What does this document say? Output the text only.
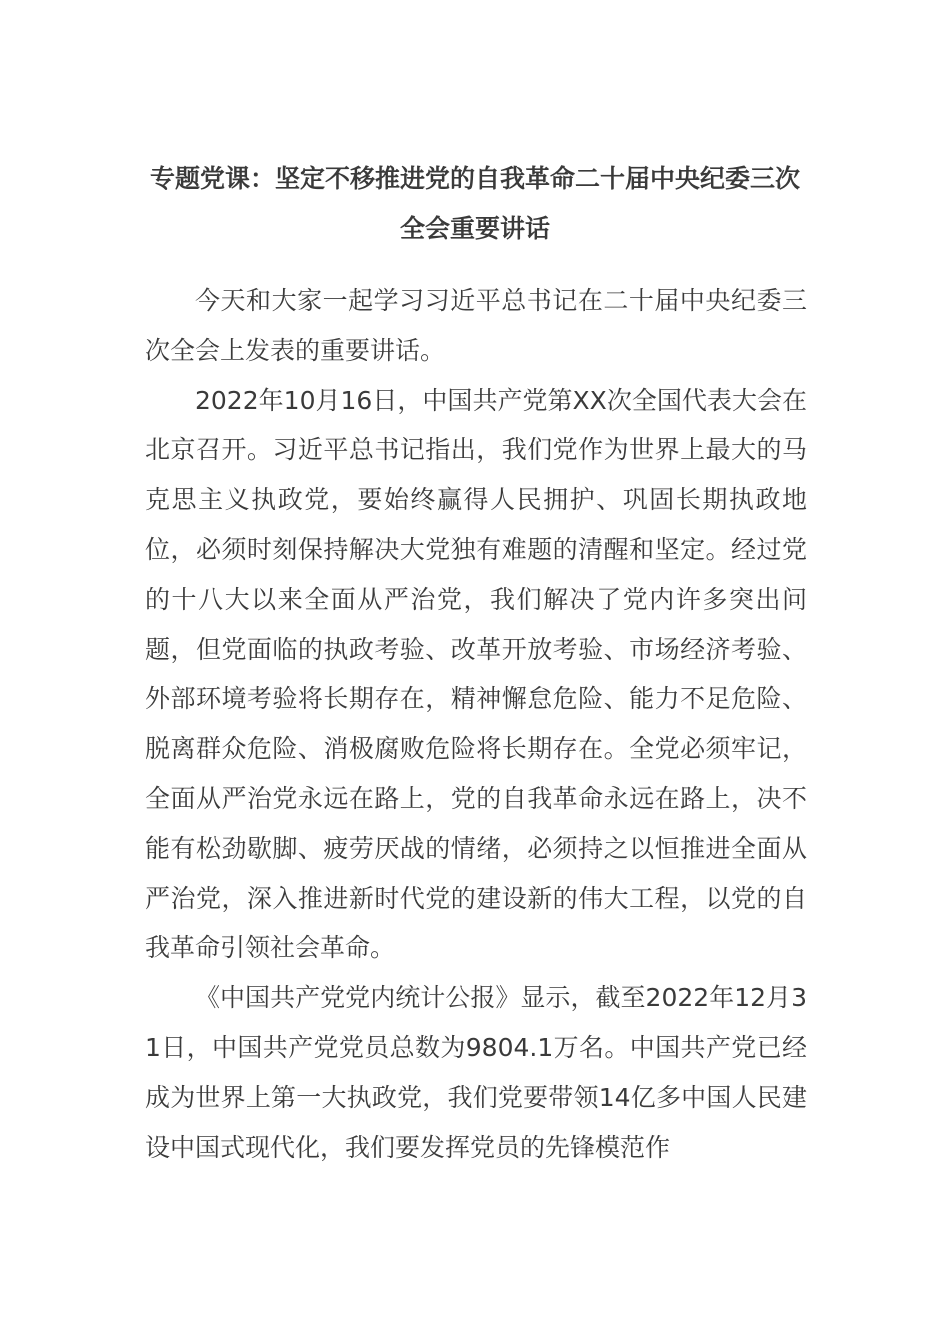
专题党课：坚定不移推进党的自我革命二十届中央纪委三次全会重要讲话

今天和大家一起学习习近平总书记在二十届中央纪委三次全会上发表的重要讲话。

2022年10月16日，中国共产党第XX次全国代表大会在北京召开。习近平总书记指出，我们党作为世界上最大的马克思主义执政党，要始终赢得人民拥护、巩固长期执政地位，必须时刻保持解决大党独有难题的清醒和坚定。经过党的十八大以来全面从严治党，我们解决了党内许多突出问题，但党面临的执政考验、改革开放考验、市场经济考验、外部环境考验将长期存在，精神懈怠危险、能力不足危险、脱离群众危险、消极腐败危险将长期存在。全党必须牢记，全面从严治党永远在路上，党的自我革命永远在路上，决不能有松劲歇脚、疲劳厌战的情绪，必须持之以恒推进全面从严治党，深入推进新时代党的建设新的伟大工程，以党的自我革命引领社会革命。

《中国共产党党内统计公报》显示，截至2022年12月31日，中国共产党党员总数为9804.1万名。中国共产党已经成为世界上第一大执政党，我们党要带领14亿多中国人民建设中国式现代化，我们要发挥党员的先锋模范作
